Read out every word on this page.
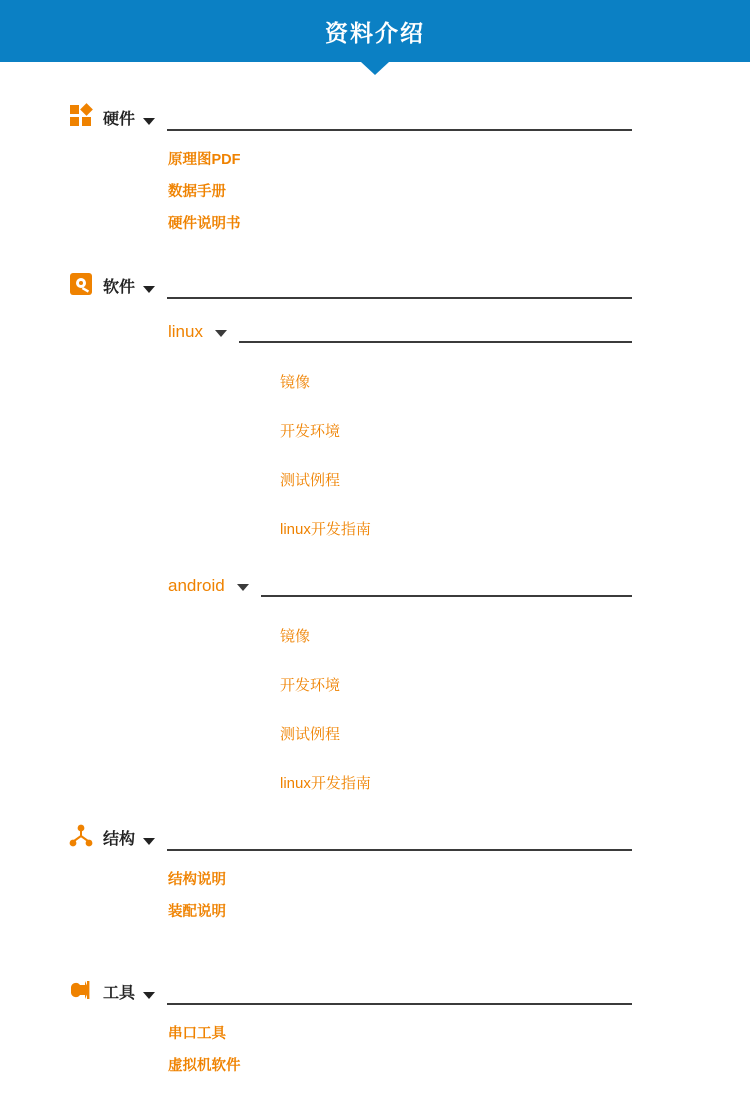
资料介绍
硬件
原理图PDF
数据手册
硬件说明书
软件
linux
镜像
开发环境
测试例程
linux开发指南
android
镜像
开发环境
测试例程
linux开发指南
结构
结构说明
装配说明
工具
串口工具
虚拟机软件
